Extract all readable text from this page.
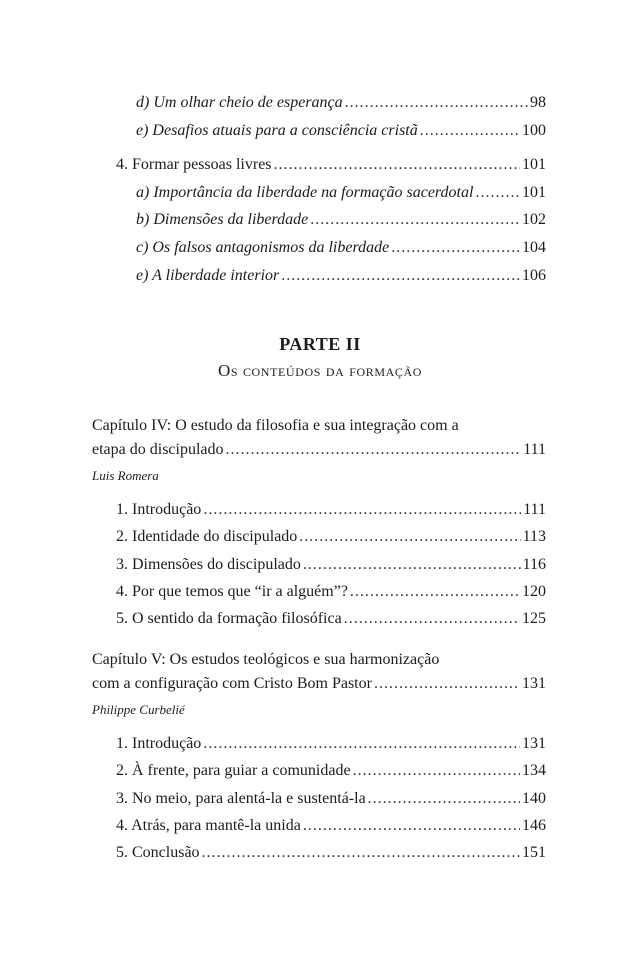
d) Um olhar cheio de esperança .....	98
e) Desafios atuais para a consciência cristã .....	100
4. Formar pessoas livres .....	101
a) Importância da liberdade na formação sacerdotal .....	101
b) Dimensões da liberdade .....	102
c) Os falsos antagonismos da liberdade .....	104
e) A liberdade interior .....	106
PARTE II
Os conteúdos da formação
Capítulo IV: O estudo da filosofia e sua integração com a
etapa do discipulado .....	111
Luis Romera
1. Introdução .....	111
2. Identidade do discipulado .....	113
3. Dimensões do discipulado .....	116
4. Por que temos que “ir a alguém”? .....	120
5. O sentido da formação filosófica .....	125
Capítulo V: Os estudos teológicos e sua harmonização
com a configuração com Cristo Bom Pastor .....	131
Philippe Curbelié
1. Introdução .....	131
2. À frente, para guiar a comunidade .....	134
3. No meio, para alentá-la e sustentá-la .....	140
4. Atrás, para mantê-la unida .....	146
5. Conclusão .....	151
